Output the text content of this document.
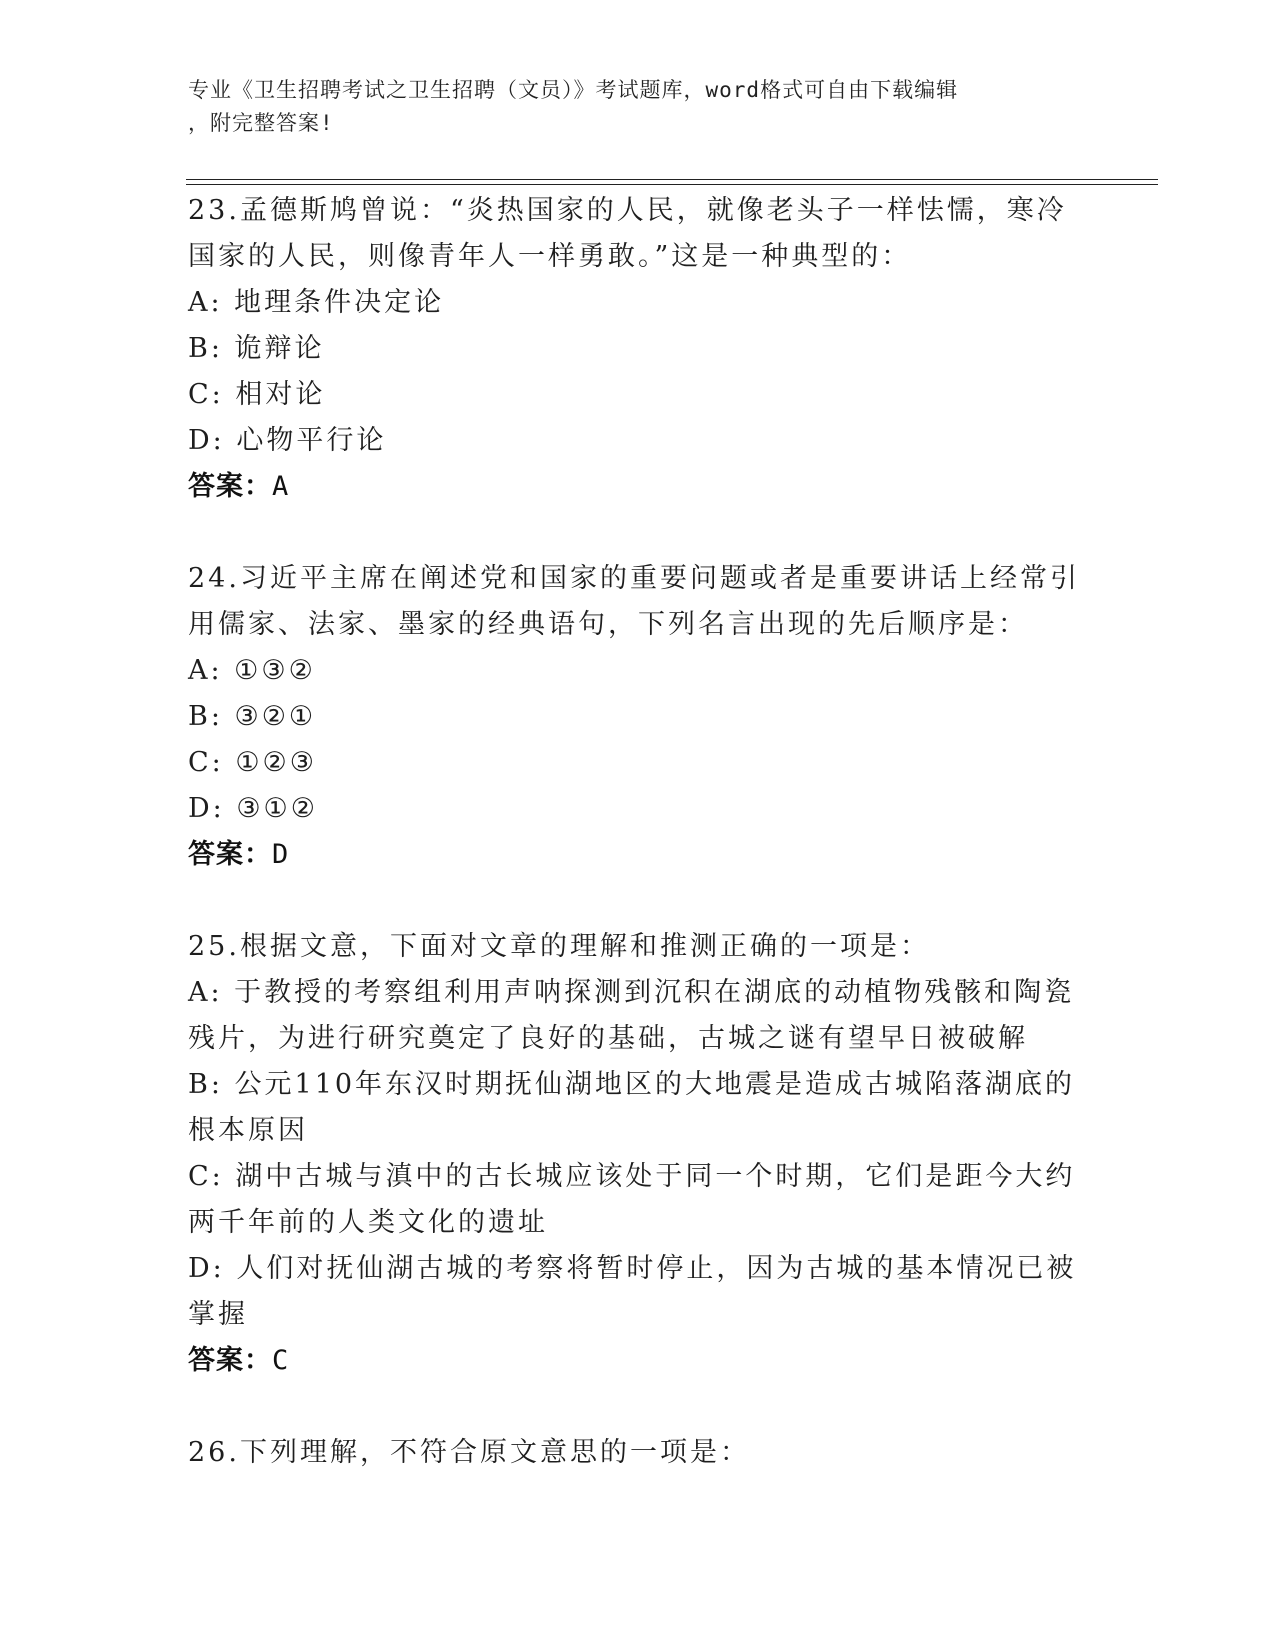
专业《卫生招聘考试之卫生招聘（文员）》考试题库，word格式可自由下载编辑
，附完整答案!

23.孟德斯鸠曾说：“炎热国家的人民，就像老头子一样怯懦，寒冷国家的人民，则像青年人一样勇敢。”这是一种典型的：

A: 地理条件决定论

B: 诡辩论

C: 相对论

D: 心物平行论

答案：A

24.习近平主席在阐述党和国家的重要问题或者是重要讲话上经常引用儒家、法家、墨家的经典语句，下列名言出现的先后顺序是：

A: ①③②

B: ③②①

C: ①②③

D: ③①②

答案：D

25.根据文意，下面对文章的理解和推测正确的一项是：

A: 于教授的考察组利用声呐探测到沉积在湖底的动植物残骸和陶瓷残片，为进行研究奠定了良好的基础，古城之谜有望早日被破解

B: 公元110年东汉时期抚仙湖地区的大地震是造成古城陷落湖底的根本原因

C: 湖中古城与滇中的古长城应该处于同一个时期，它们是距今大约两千年前的人类文化的遗址

D: 人们对抚仙湖古城的考察将暂时停止，因为古城的基本情况已被掌握

答案：C

26.下列理解，不符合原文意思的一项是：
